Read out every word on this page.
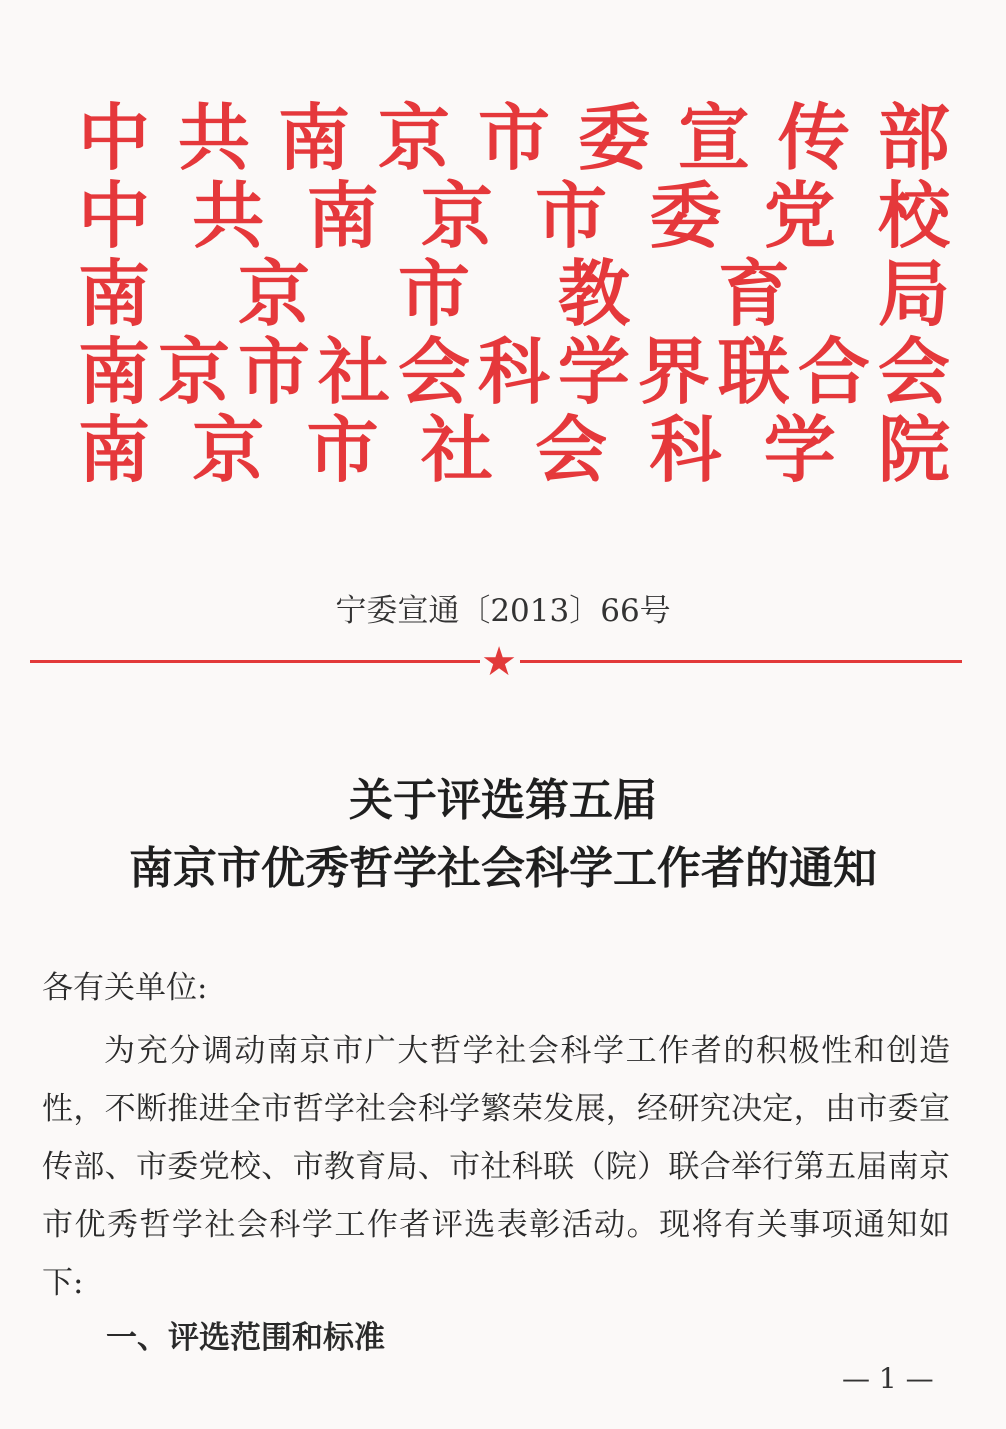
中 共 南 京 市 委 宣 传 部
中 共 南 京 市 委 党 校
南 京 市 教 育 局
南 京 市 社 会 科 学 界 联 合 会
南 京 市 社 会 科 学 院
宁委宣通〔2013〕66号
★
关于评选第五届
南京市优秀哲学社会科学工作者的通知
各有关单位:
为充分调动南京市广大哲学社会科学工作者的积极性和创造性，不断推进全市哲学社会科学繁荣发展，经研究决定，由市委宣传部、市委党校、市教育局、市社科联（院）联合举行第五届南京市优秀哲学社会科学工作者评选表彰活动。现将有关事项通知如下:
一、评选范围和标准
— 1 —
